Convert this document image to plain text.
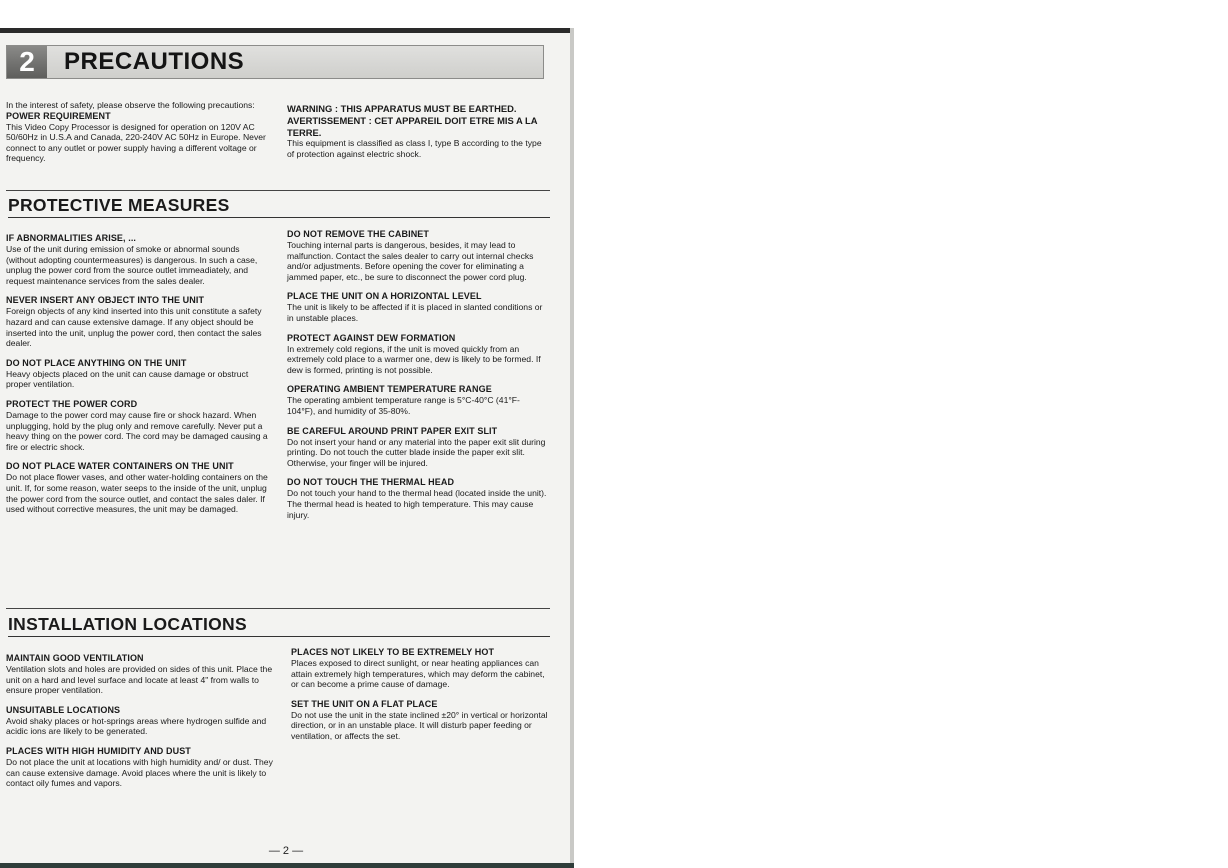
2	PRECAUTIONS

In the interest of safety, please observe the following precautions:

POWER REQUIREMENT

This Video Copy Processor is designed for operation on 120V AC 50/60Hz in U.S.A and Canada, 220-240V AC 50Hz in Europe. Never connect to any outlet or power supply having a different voltage or frequency.

WARNING : THIS APPARATUS MUST BE EARTHED.

AVERTISSEMENT : CET APPAREIL DOIT ETRE MIS A LA TERRE.

This equipment is classified as class I, type B according to the type of protection against electric shock.

PROTECTIVE MEASURES

IF ABNORMALITIES ARISE, ...

Use of the unit during emission of smoke or abnormal sounds (without adopting countermeasures) is dangerous. In such a case, unplug the power cord from the source outlet immeadiately, and request maintenance services from the sales dealer.

NEVER INSERT ANY OBJECT INTO THE UNIT

Foreign objects of any kind inserted into this unit constitute a safety hazard and can cause extensive damage. If any object should be inserted into the unit, unplug the power cord, then contact the sales dealer.

DO NOT PLACE ANYTHING ON THE UNIT

Heavy objects placed on the unit can cause damage or obstruct proper ventilation.

PROTECT THE POWER CORD

Damage to the power cord may cause fire or shock hazard. When unplugging, hold by the plug only and remove carefully. Never put a heavy thing on the power cord. The cord may be damaged causing a fire or electric shock.

DO NOT PLACE WATER CONTAINERS ON THE UNIT

Do not place flower vases, and other water-holding containers on the unit. If, for some reason, water seeps to the inside of the unit, unplug the power cord from the source outlet, and contact the sales daler. If used without corrective measures, the unit may be damaged.

DO NOT REMOVE THE CABINET

Touching internal parts is dangerous, besides, it may lead to malfunction. Contact the sales dealer to carry out internal checks and/or adjustments. Before opening the cover for eliminating a jammed paper, etc., be sure to disconnect the power cord plug.

PLACE THE UNIT ON A HORIZONTAL LEVEL

The unit is likely to be affected if it is placed in slanted conditions or in unstable places.

PROTECT AGAINST DEW FORMATION

In extremely cold regions, if the unit is moved quickly from an extremely cold place to a warmer one, dew is likely to be formed. If dew is formed, printing is not possible.

OPERATING AMBIENT TEMPERATURE RANGE

The operating ambient temperature range is 5°C-40°C (41°F-104°F), and humidity of 35-80%.

BE CAREFUL AROUND PRINT PAPER EXIT SLIT

Do not insert your hand or any material into the paper exit slit during printing. Do not touch the cutter blade inside the paper exit slit. Otherwise, your finger will be injured.

DO NOT TOUCH THE THERMAL HEAD

Do not touch your hand to the thermal head (located inside the unit). The thermal head is heated to high temperature. This may cause injury.

INSTALLATION LOCATIONS

MAINTAIN GOOD VENTILATION

Ventilation slots and holes are provided on sides of this unit. Place the unit on a hard and level surface and locate at least 4" from walls to ensure proper ventilation.

UNSUITABLE LOCATIONS

Avoid shaky places or hot-springs areas where hydrogen sulfide and acidic ions are likely to be generated.

PLACES WITH HIGH HUMIDITY AND DUST

Do not place the unit at locations with high humidity and/ or dust. They can cause extensive damage. Avoid places where the unit is likely to contact oily fumes and vapors.

PLACES NOT LIKELY TO BE EXTREMELY HOT

Places exposed to direct sunlight, or near heating appliances can attain extremely high temperatures, which may deform the cabinet, or can become a prime cause of damage.

SET THE UNIT ON A FLAT PLACE

Do not use the unit in the state inclined ±20° in vertical or horizontal direction, or in an unstable place. It will disturb paper feeding or ventilation, or affects the set.

— 2 —
